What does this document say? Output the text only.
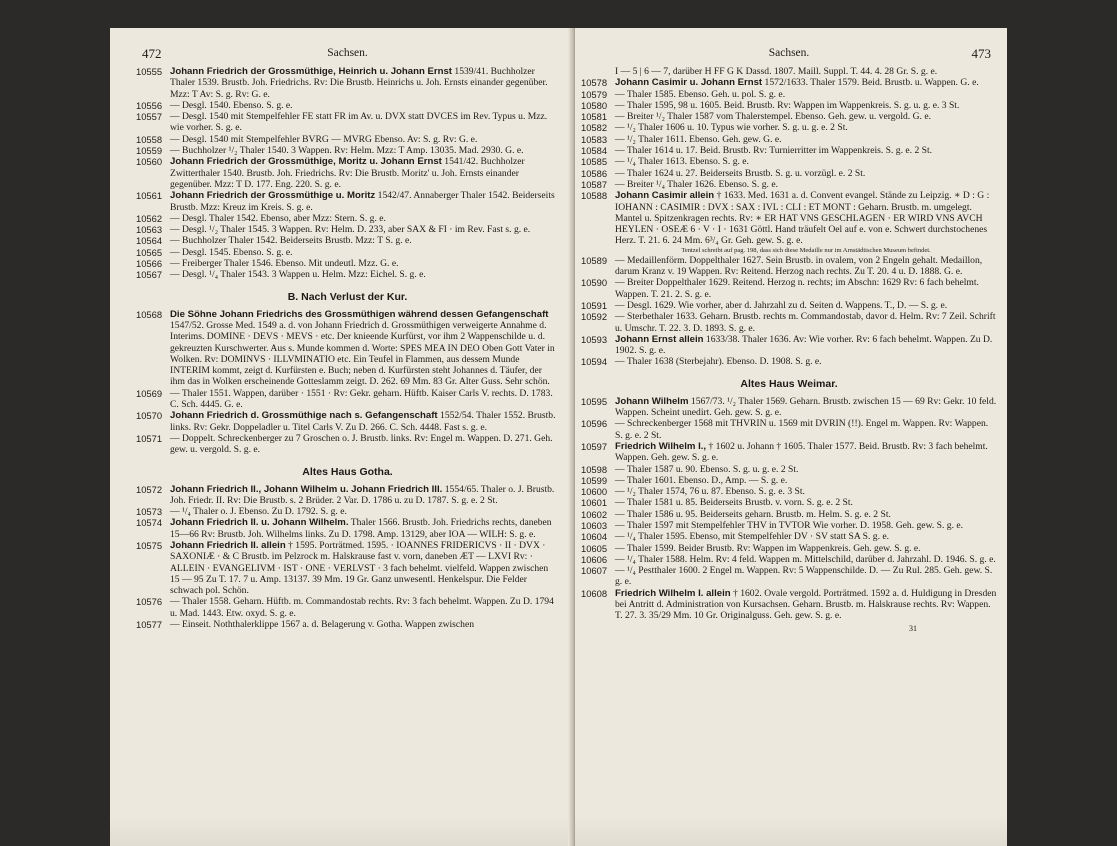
472	Sachsen.

10555 Johann Friedrich der Grossmüthige, Heinrich u. Johann Ernst 1539/41. Buchholzer Thaler 1539. Brustb. Joh. Friedrichs. Rv: Die Brustb. Heinrichs u. Joh. Ernsts einander gegenüber. Mzz: T Av: S. g. Rv: G. e.

10556 — Desgl. 1540. Ebenso. S. g. e.

10557 — Desgl. 1540 mit Stempelfehler FE statt FR im Av. u. DVX statt DVCES im Rev. Typus u. Mzz. wie vorher. S. g. e.

10558 — Desgl. 1540 mit Stempelfehler BVRG — MVRG Ebenso. Av: S. g. Rv: G. e.

10559 — Buchholzer ¹/₂ Thaler 1540. 3 Wappen. Rv: Helm. Mzz: T Amp. 13035. Mad. 2930. G. e.

10560 Johann Friedrich der Grossmüthige, Moritz u. Johann Ernst 1541/42. Buchholzer Zwitterthaler 1540. Brustb. Joh. Friedrichs. Rv: Die Brustb. Moritz' u. Joh. Ernsts einander gegenüber. Mzz: T D. 177. Eng. 220. S. g. e.

10561 Johann Friedrich der Grossmüthige u. Moritz 1542/47. Annaberger Thaler 1542. Beiderseits Brustb. Mzz: Kreuz im Kreis. S. g. e.

10562 — Desgl. Thaler 1542. Ebenso, aber Mzz: Stern. S. g. e.

10563 — Desgl. ¹/₂ Thaler 1545. 3 Wappen. Rv: Helm. D. 233, aber SAX & FI · im Rev. Fast s. g. e.

10564 — Buchholzer Thaler 1542. Beiderseits Brustb. Mzz: T S. g. e.

10565 — Desgl. 1545. Ebenso. S. g. e.

10566 — Freiberger Thaler 1546. Ebenso. Mit undeutl. Mzz. G. e.

10567 — Desgl. ¹/₄ Thaler 1543. 3 Wappen u. Helm. Mzz: Eichel. S. g. e.

B. Nach Verlust der Kur.

10568 Die Söhne Johann Friedrichs des Grossmüthigen während dessen Gefangenschaft 1547/52. Grosse Med. 1549 a. d. von Johann Friedrich d. Grossmüthigen verweigerte Annahme d. Interims. DOMINE · DEVS · MEVS · etc. Der knieende Kurfürst, vor ihm 2 Wappenschilde u. d. gekreuzten Kurschwerter. Aus s. Munde kommen d. Worte: SPES MEA IN DEO Oben Gott Vater in Wolken. Rv: DOMINVS · ILLVMINATIO etc. Ein Teufel in Flammen, aus dessem Munde INTERIM kommt, zeigt d. Kurfürsten e. Buch; neben d. Kurfürsten steht Johannes d. Täufer, der ihm das in Wolken erscheinende Gotteslamm zeigt. D. 262. 69 Mm. 83 Gr. Alter Guss. Sehr schön.

10569 — Thaler 1551. Wappen, darüber · 1551 · Rv: Gekr. geharn. Hüftb. Kaiser Carls V. rechts. D. 1783. C. Sch. 4445. G. e.

10570 Johann Friedrich d. Grossmüthige nach s. Gefangenschaft 1552/54. Thaler 1552. Brustb. links. Rv: Gekr. Doppeladler u. Titel Carls V. Zu D. 266. C. Sch. 4448. Fast s. g. e.

10571 — Doppelt. Schreckenberger zu 7 Groschen o. J. Brustb. links. Rv: Engel m. Wappen. D. 271. Geh. gew. u. vergold. S. g. e.

Altes Haus Gotha.

10572 Johann Friedrich II., Johann Wilhelm u. Johann Friedrich III. 1554/65. Thaler o. J. Brustb. Joh. Friedr. II. Rv: Die Brustb. s. 2 Brüder. 2 Var. D. 1786 u. zu D. 1787. S. g. e. 2 St.

10573 — ¹/₄ Thaler o. J. Ebenso. Zu D. 1792. S. g. e.

10574 Johann Friedrich II. u. Johann Wilhelm. Thaler 1566. Brustb. Joh. Friedrichs rechts, daneben 15—66 Rv: Brustb. Joh. Wilhelms links. Zu D. 1798. Amp. 13129, aber IOA — WILH: S. g. e.

10575 Johann Friedrich II. allein † 1595. Porträtmed. 1595. · IOANNES FRIDERICVS · II · DVX · SAXONIÆ · & C Brustb. im Pelzrock m. Halskrause fast v. vorn, daneben ÆT — LXVI Rv: · ALLEIN · EVANGELIVM · IST · ONE · VERLVST · 3 fach behelmt. vielfeld. Wappen zwischen 15 — 95 Zu T. 17. 7 u. Amp. 13137. 39 Mm. 19 Gr. Ganz unwesentl. Henkelspur. Die Felder schwach pol. Schön.

10576 — Thaler 1558. Geharn. Hüftb. m. Commandostab rechts. Rv: 3 fach behelmt. Wappen. Zu D. 1794 u. Mad. 1443. Etw. oxyd. S. g. e.

10577 — Einseit. Noththalerklippe 1567 a. d. Belagerung v. Gotha. Wappen zwischen

Sachsen.	473

I — 5 | 6 — 7, darüber H FF G K Dassd. 1807. Maill. Suppl. T. 44. 4. 28 Gr. S. g. e.

10578 Johann Casimir u. Johann Ernst 1572/1633. Thaler 1579. Beid. Brustb. u. Wappen. G. e.

10579 — Thaler 1585. Ebenso. Geh. u. pol. S. g. e.

10580 — Thaler 1595, 98 u. 1605. Beid. Brustb. Rv: Wappen im Wappenkreis. S. g. u. g. e. 3 St.

10581 — Breiter ¹/₂ Thaler 1587 vom Thalerstempel. Ebenso. Geh. gew. u. vergold. G. e.

10582 — ¹/₂ Thaler 1606 u. 10. Typus wie vorher. S. g. u. g. e. 2 St.

10583 — ¹/₂ Thaler 1611. Ebenso. Geh. gew. G. e.

10584 — Thaler 1614 u. 17. Beid. Brustb. Rv: Turnierritter im Wappenkreis. S. g. e. 2 St.

10585 — ¹/₄ Thaler 1613. Ebenso. S. g. e.

10586 — Thaler 1624 u. 27. Beiderseits Brustb. S. g. u. vorzügl. e. 2 St.

10587 — Breiter ¹/₄ Thaler 1626. Ebenso. S. g. e.

10588 Johann Casimir allein † 1633. Med. 1631 a. d. Convent evangel. Stände zu Leipzig. ∗ D : G : IOHANN : CASIMIR : DVX : SAX : IVL : CLI : ET MONT : Geharn. Brustb. m. umgelegt. Mantel u. Spitzenkragen rechts. Rv: ∗ ER HAT VNS GESCHLAGEN · ER WIRD VNS AVCH HEYLEN · OSEÆ 6 · V · I · 1631 Göttl. Hand träufelt Oel auf e. von e. Schwert durchstochenes Herz. T. 21. 6. 24 Mm. 6³/₄ Gr. Geh. gew. S. g. e.

Tentzel schreibt auf pag. 198, dass sich diese Medaille nur im Arnstädtischen Museum befindet.

10589 — Medaillenförm. Doppelthaler 1627. Sein Brustb. in ovalem, von 2 Engeln gehalt. Medaillon, darum Kranz v. 19 Wappen. Rv: Reitend. Herzog nach rechts. Zu T. 20. 4 u. D. 1888. G. e.

10590 — Breiter Doppelthaler 1629. Reitend. Herzog n. rechts; im Abschn: 1629 Rv: 6 fach behelmt. Wappen. T. 21. 2. S. g. e.

10591 — Desgl. 1629. Wie vorher, aber d. Jahrzahl zu d. Seiten d. Wappens. T., D. — S. g. e.

10592 — Sterbethaler 1633. Geharn. Brustb. rechts m. Commandostab, davor d. Helm. Rv: 7 Zeil. Schrift u. Umschr. T. 22. 3. D. 1893. S. g. e.

10593 Johann Ernst allein 1633/38. Thaler 1636. Av: Wie vorher. Rv: 6 fach behelmt. Wappen. Zu D. 1902. S. g. e.

10594 — Thaler 1638 (Sterbejahr). Ebenso. D. 1908. S. g. e.

Altes Haus Weimar.

10595 Johann Wilhelm 1567/73. ¹/₂ Thaler 1569. Geharn. Brustb. zwischen 15 — 69 Rv: Gekr. 10 feld. Wappen. Scheint unedirt. Geh. gew. S. g. e.

10596 — Schreckenberger 1568 mit THVRIN u. 1569 mit DVRIN (!!). Engel m. Wappen. Rv: Wappen. S. g. e. 2 St.

10597 Friedrich Wilhelm I., † 1602 u. Johann † 1605. Thaler 1577. Beid. Brustb. Rv: 3 fach behelmt. Wappen. Geh. gew. S. g. e.

10598 — Thaler 1587 u. 90. Ebenso. S. g. u. g. e. 2 St.

10599 — Thaler 1601. Ebenso. D., Amp. — S. g. e.

10600 — ¹/₂ Thaler 1574, 76 u. 87. Ebenso. S. g. e. 3 St.

10601 — Thaler 1581 u. 85. Beiderseits Brustb. v. vorn. S. g. e. 2 St.

10602 — Thaler 1586 u. 95. Beiderseits geharn. Brustb. m. Helm. S. g. e. 2 St.

10603 — Thaler 1597 mit Stempelfehler THV in TVTOR Wie vorher. D. 1958. Geh. gew. S. g. e.

10604 — ¹/₄ Thaler 1595. Ebenso, mit Stempelfehler DV · SV statt SA S. g. e.

10605 — Thaler 1599. Beider Brustb. Rv: Wappen im Wappenkreis. Geh. gew. S. g. e.

10606 — ¹/₄ Thaler 1588. Helm. Rv: 4 feld. Wappen m. Mittelschild, darüber d. Jahrzahl. D. 1946. S. g. e.

10607 — ¹/₄ Pestthaler 1600. 2 Engel m. Wappen. Rv: 5 Wappenschilde. D. — Zu Rul. 285. Geh. gew. S. g. e.

10608 Friedrich Wilhelm I. allein † 1602. Ovale vergold. Porträtmed. 1592 a. d. Huldigung in Dresden bei Antritt d. Administration von Kursachsen. Geharn. Brustb. m. Halskrause rechts. Rv: Wappen. T. 27. 3. 35/29 Mm. 10 Gr. Originalguss. Geh. gew. S. g. e.

31
